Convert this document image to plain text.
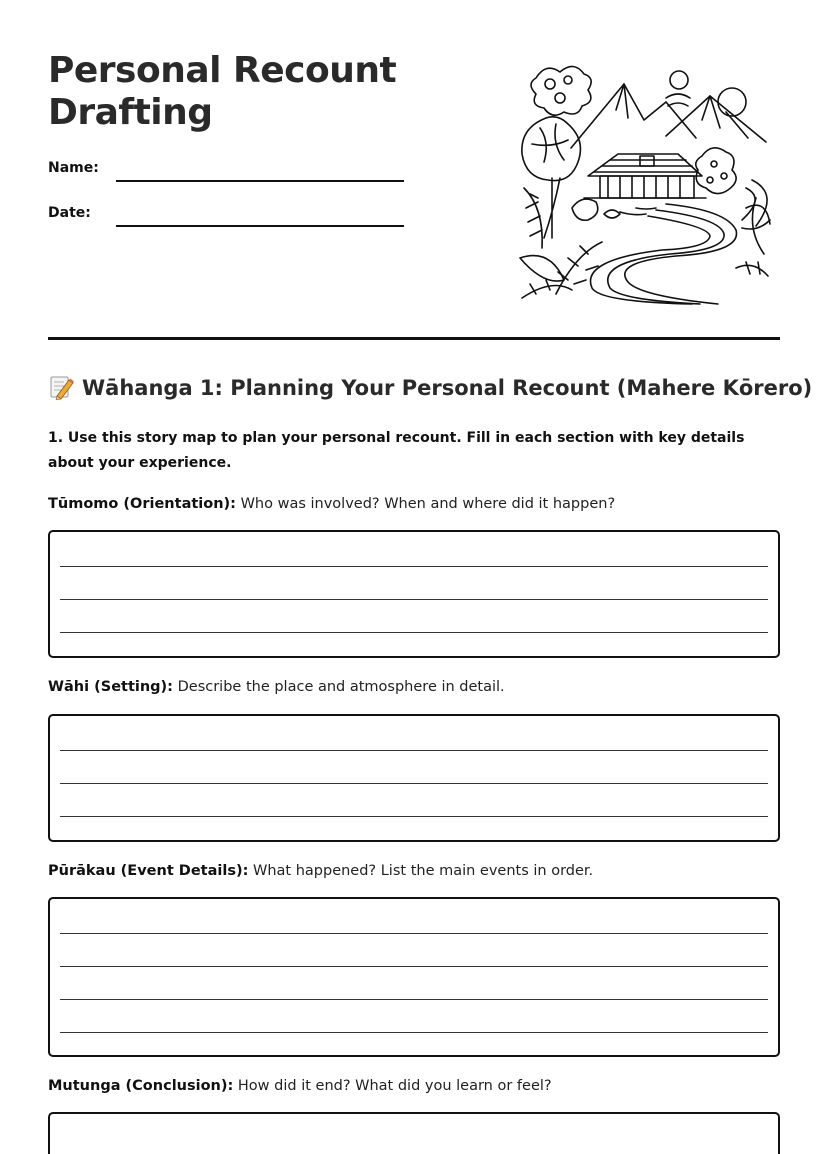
Personal Recount
Drafting
Name:
Date:
Wāhanga 1: Planning Your Personal Recount (Mahere Kōrero)

1. Use this story map to plan your personal recount. Fill in each section with key details about your experience.

Tūmomo (Orientation): Who was involved? When and where did it happen?

Wāhi (Setting): Describe the place and atmosphere in detail.

Pūrākau (Event Details): What happened? List the main events in order.

Mutunga (Conclusion): How did it end? What did you learn or feel?
